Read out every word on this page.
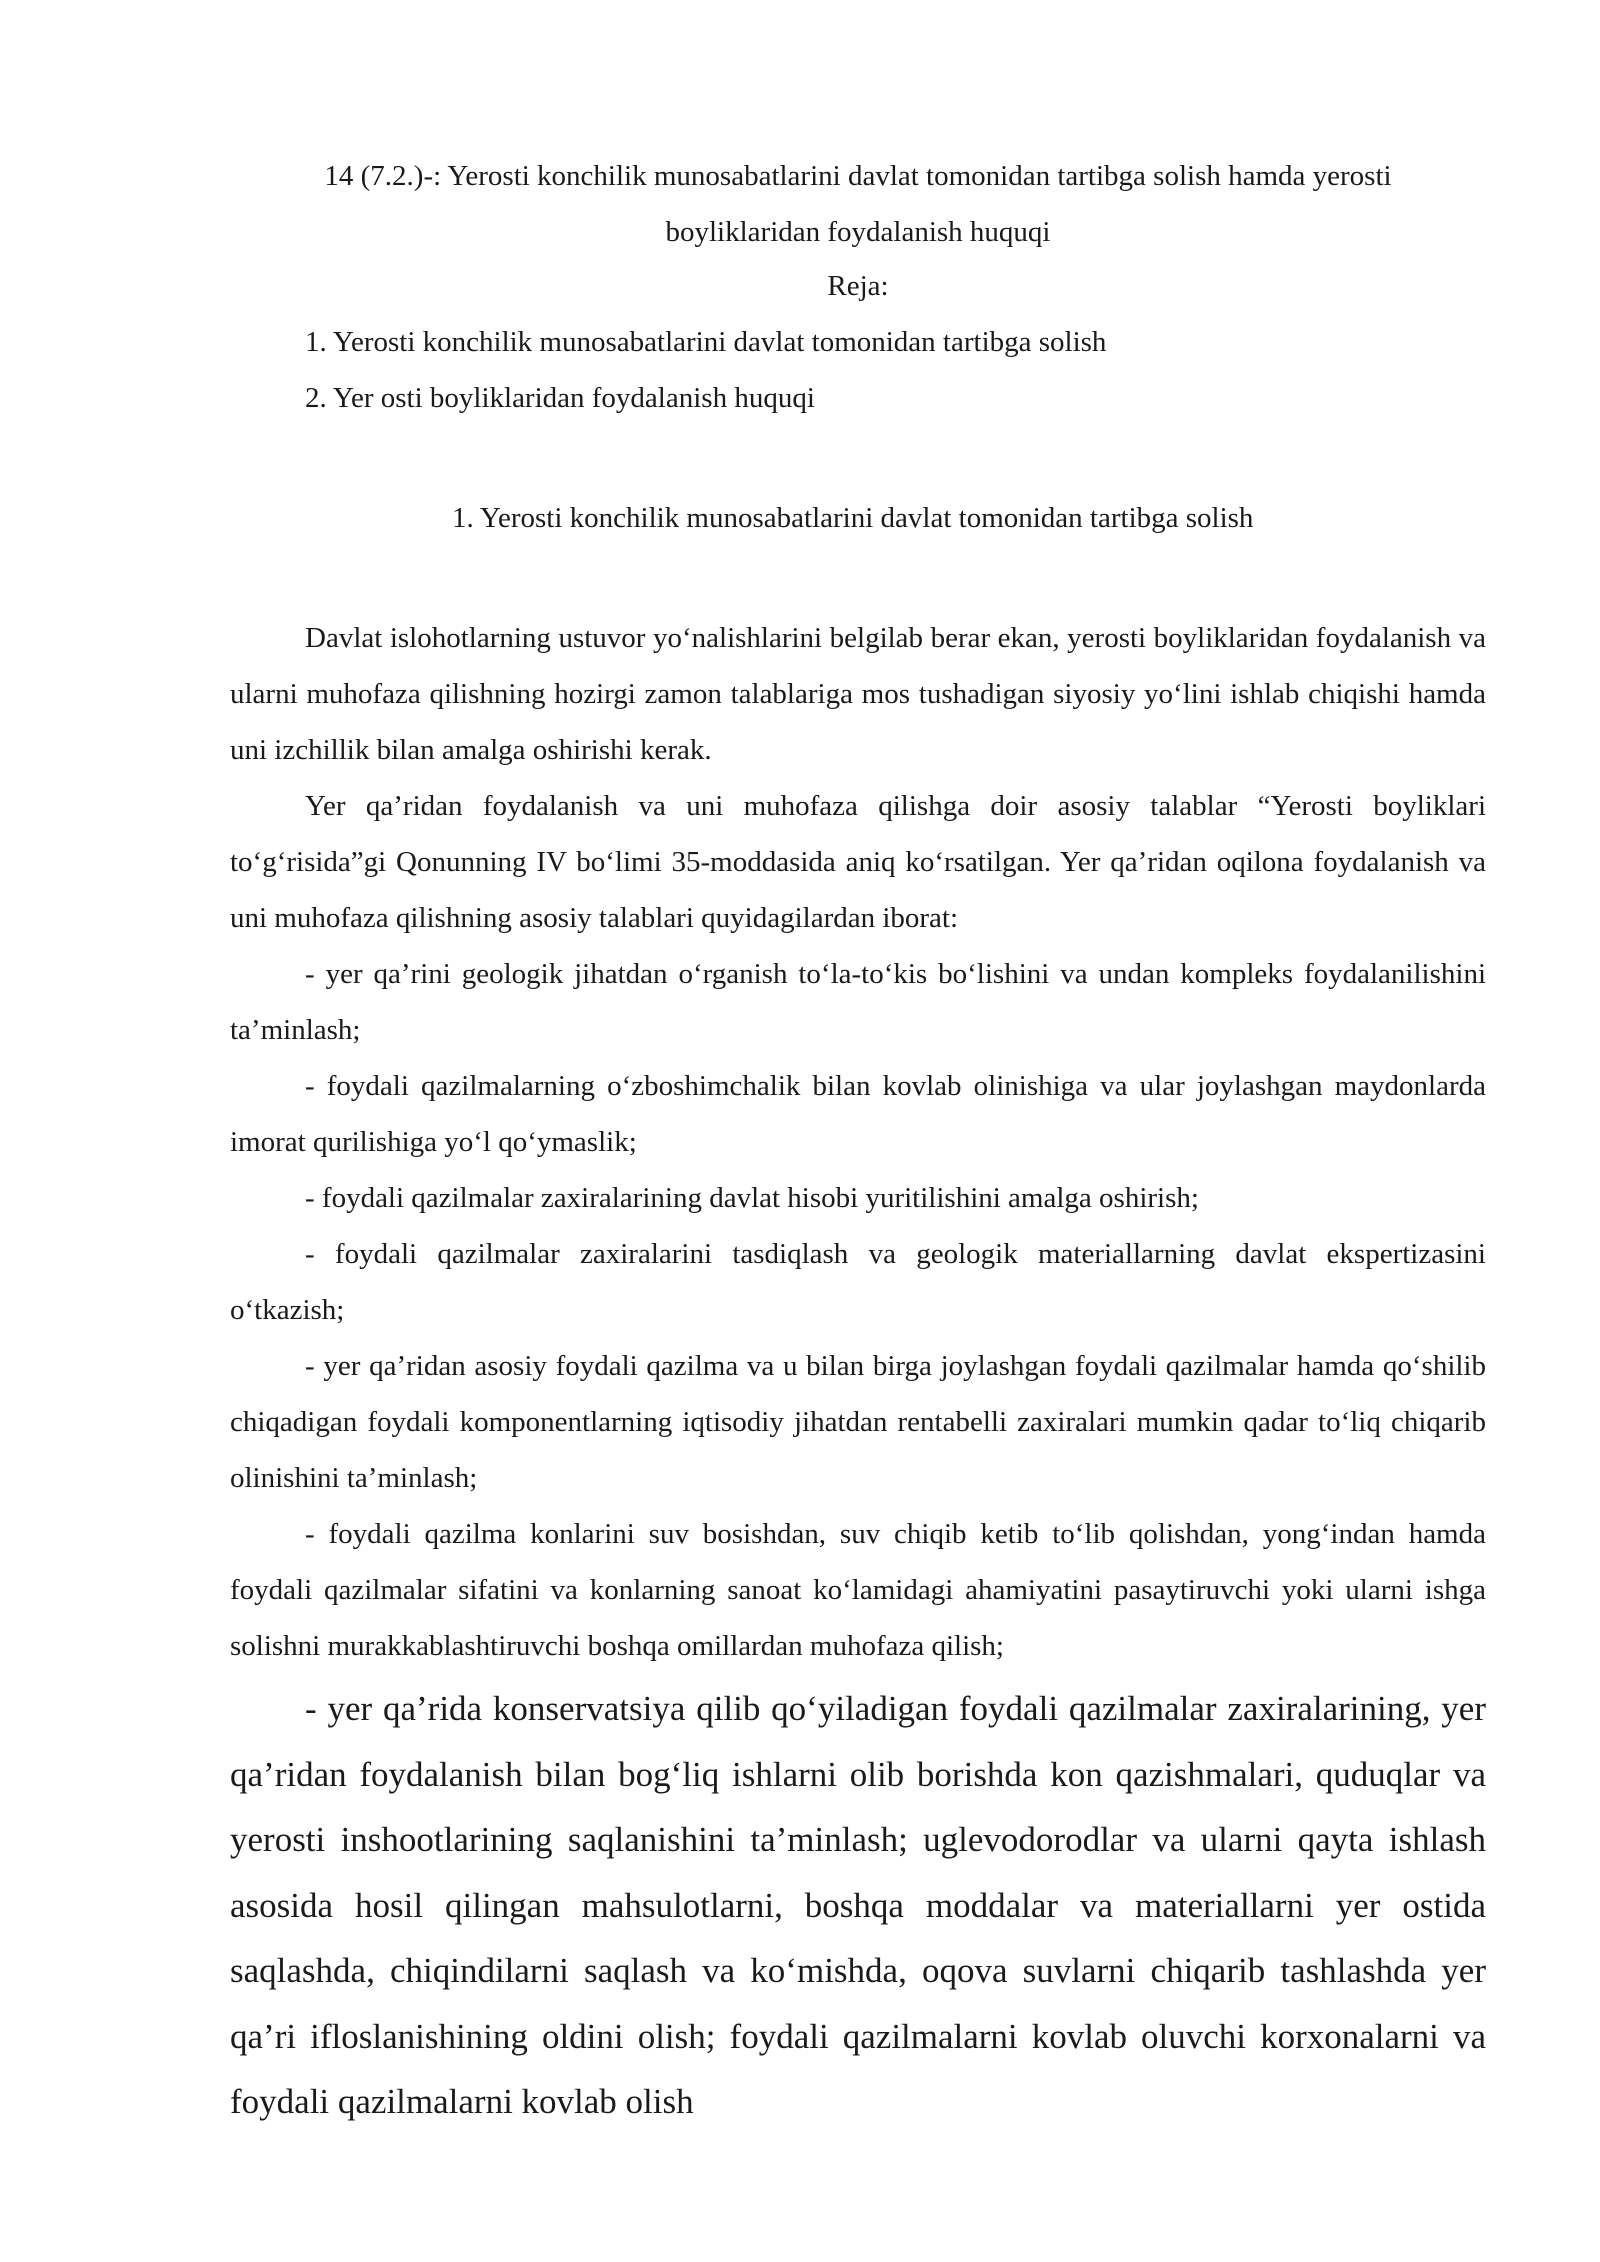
14 (7.2.)-: Yerosti konchilik munosabatlarini davlat tomonidan tartibga solish hamda yerosti
boyliklaridan foydalanish huquqi
Reja:
1. Yerosti konchilik munosabatlarini davlat tomonidan tartibga solish
2. Yer osti boyliklaridan foydalanish huquqi
1. Yerosti konchilik munosabatlarini davlat tomonidan tartibga solish

Davlat islohotlarning ustuvor yo‘nalishlarini belgilab berar ekan, yerosti boyliklaridan foydalanish va ularni muhofaza qilishning hozirgi zamon talablariga mos tushadigan siyosiy yo‘lini ishlab chiqishi hamda uni izchillik bilan amalga oshirishi kerak.

Yer qa’ridan foydalanish va uni muhofaza qilishga doir asosiy talablar “Yerosti boyliklari to‘g‘risida”gi Qonunning IV bo‘limi 35-moddasida aniq ko‘rsatilgan. Yer qa’ridan oqilona foydalanish va uni muhofaza qilishning asosiy talablari quyidagilardan iborat:

- yer qa’rini geologik jihatdan o‘rganish to‘la-to‘kis bo‘lishini va undan kompleks foydalanilishini ta’minlash;

- foydali qazilmalarning o‘zboshimchalik bilan kovlab olinishiga va ular joylashgan maydonlarda imorat qurilishiga yo‘l qo‘ymaslik;

- foydali qazilmalar zaxiralarining davlat hisobi yuritilishini amalga oshirish;

- foydali qazilmalar zaxiralarini tasdiqlash va geologik materiallarning davlat ekspertizasini o‘tkazish;

- yer qa’ridan asosiy foydali qazilma va u bilan birga joylashgan foydali qazilmalar hamda qo‘shilib chiqadigan foydali komponentlarning iqtisodiy jihatdan rentabelli zaxiralari mumkin qadar to‘liq chiqarib olinishini ta’minlash;

- foydali qazilma konlarini suv bosishdan, suv chiqib ketib to‘lib qolishdan, yong‘indan hamda foydali qazilmalar sifatini va konlarning sanoat ko‘lamidagi ahamiyatini pasaytiruvchi yoki ularni ishga solishni murakkablashtiruvchi boshqa omillardan muhofaza qilish;

- yer qa’rida konservatsiya qilib qo‘yiladigan foydali qazilmalar zaxiralarining, yer qa’ridan foydalanish bilan bog‘liq ishlarni olib borishda kon qazishmalari, quduqlar va yerosti inshootlarining saqlanishini ta’minlash; uglevodorodlar va ularni qayta ishlash asosida hosil qilingan mahsulotlarni, boshqa moddalar va materiallarni yer ostida saqlashda, chiqindilarni saqlash va ko‘mishda, oqova suvlarni chiqarib tashlashda yer qa’ri ifloslanishining oldini olish; foydali qazilmalarni kovlab oluvchi korxonalarni va foydali qazilmalarni kovlab olish
